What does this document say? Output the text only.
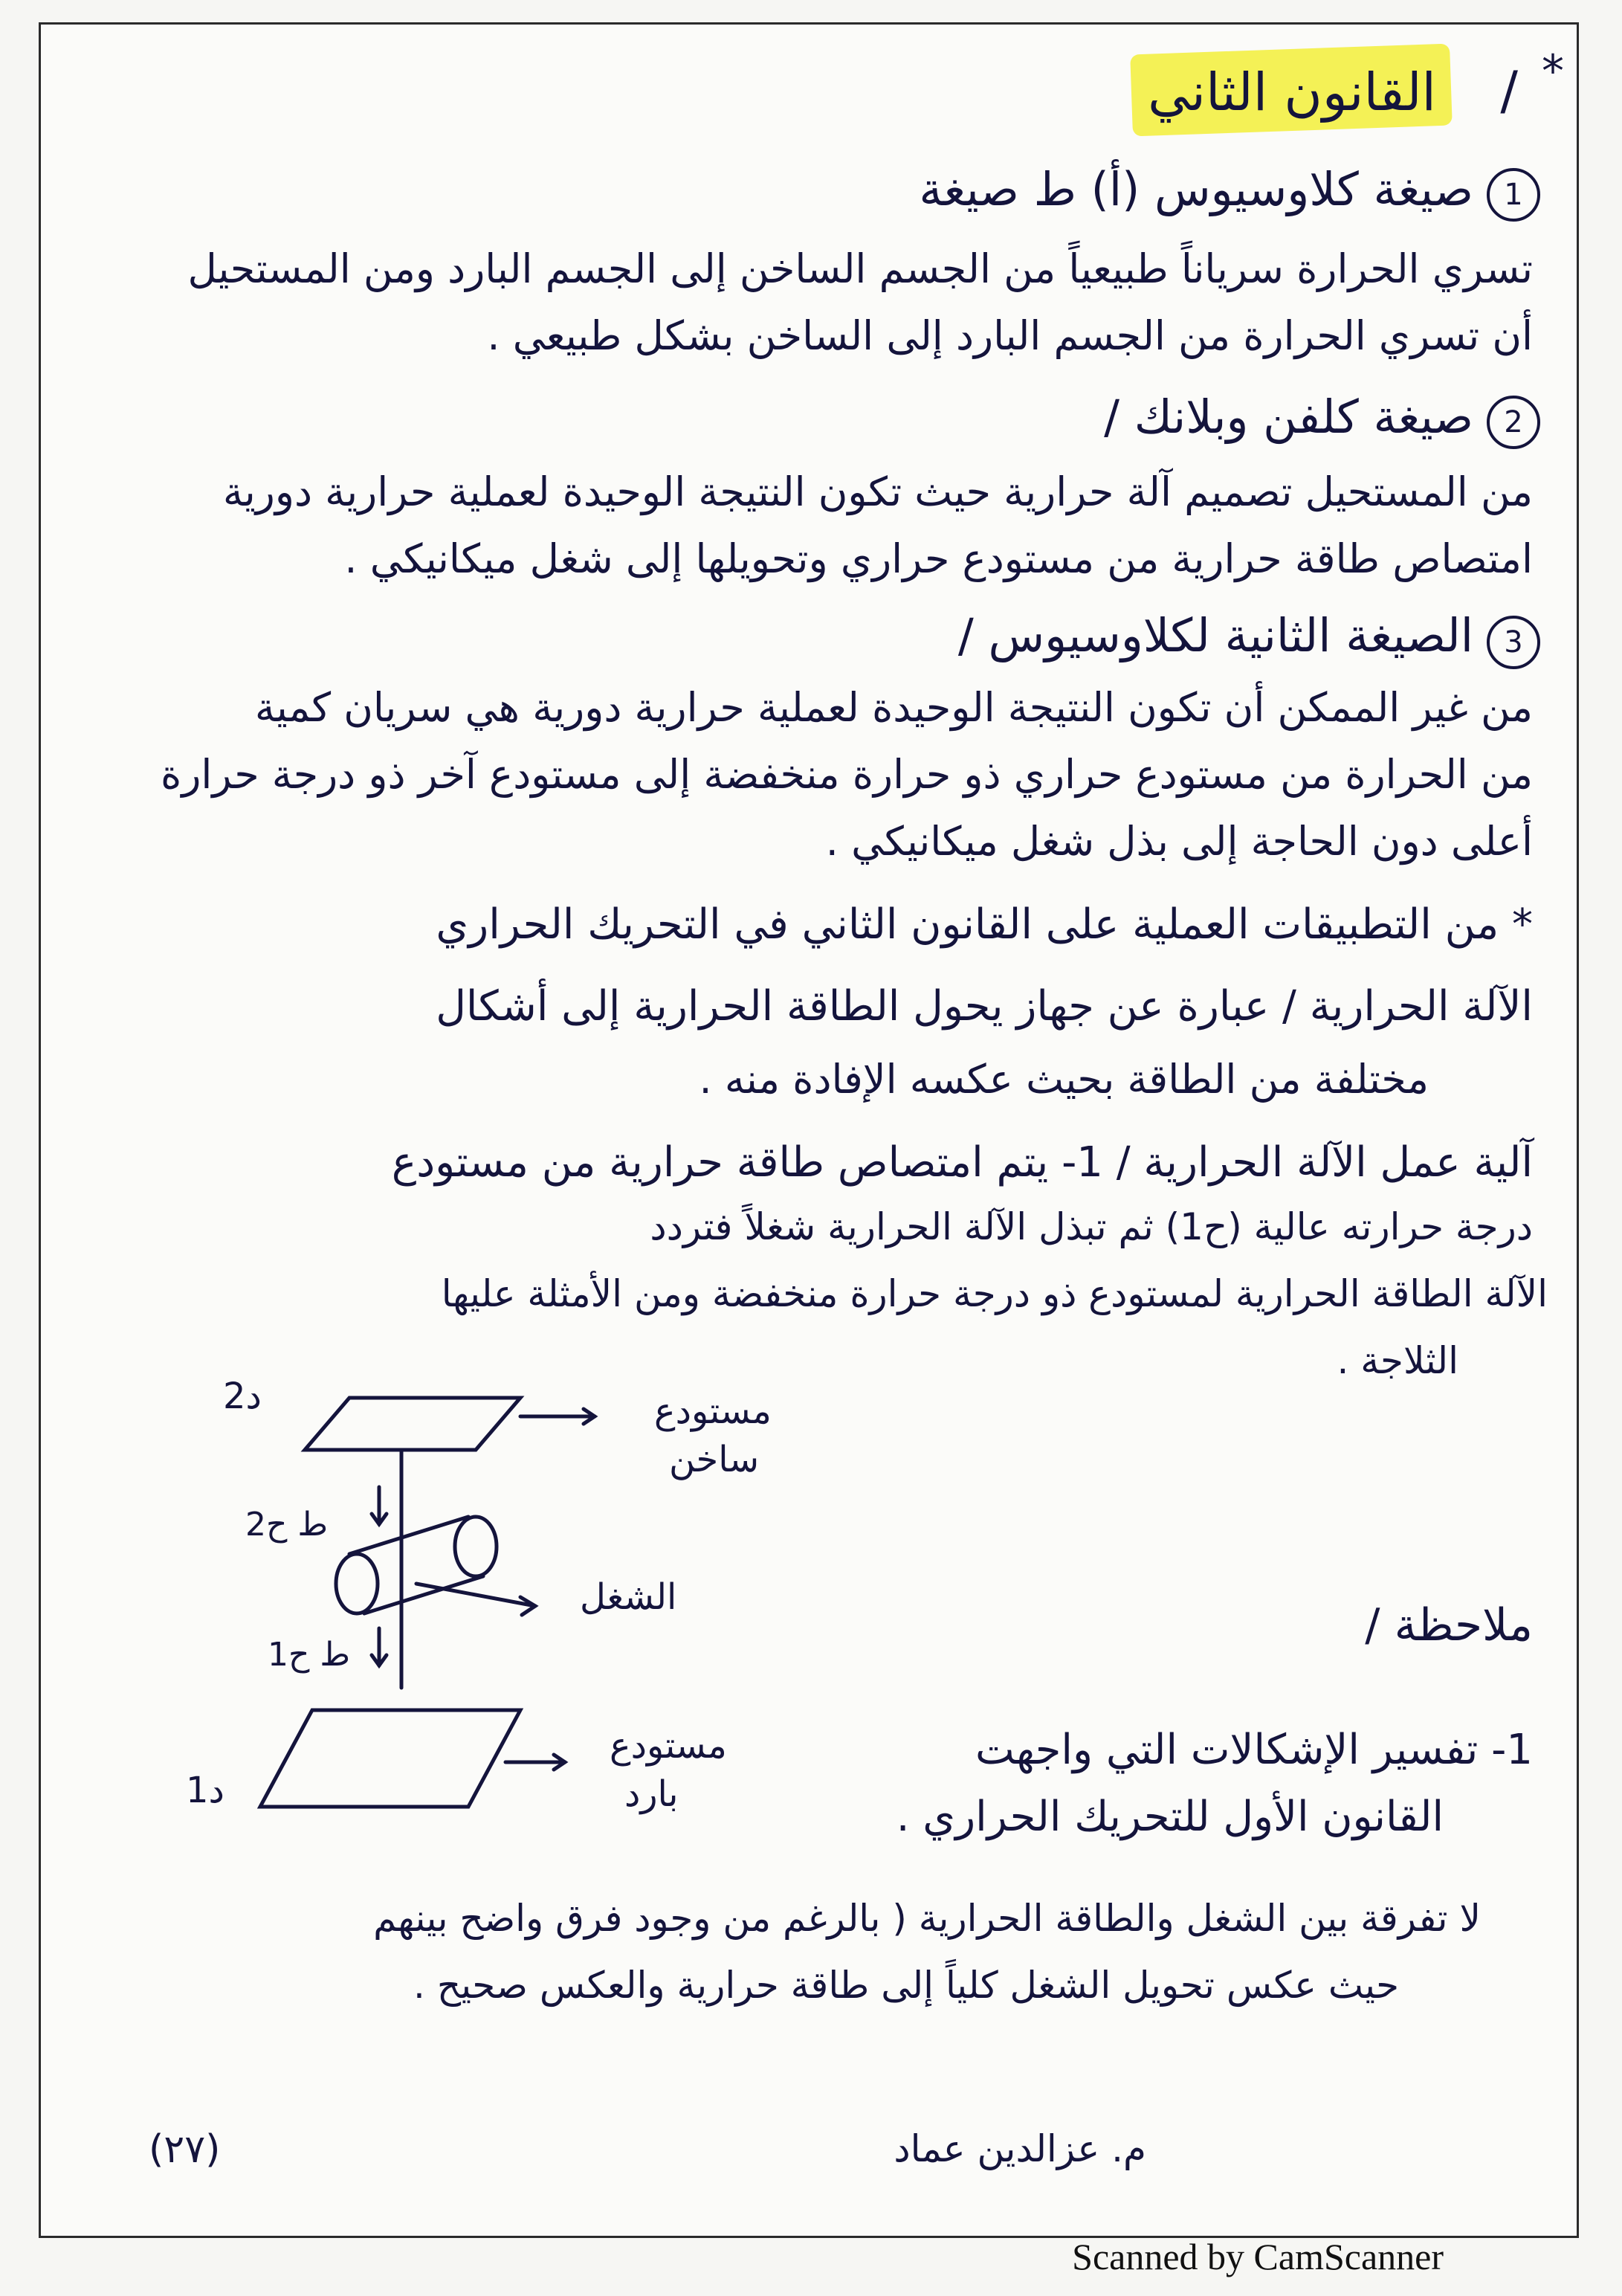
القانون الثاني / *
1
صيغة كلاوسيوس (أ) ط صيغة
تسري الحرارة سرياناً طبيعياً من الجسم الساخن إلى الجسم البارد ومن المستحيل
أن تسري الحرارة من الجسم البارد إلى الساخن بشكل طبيعي .
2
صيغة كلفن وبلانك /
من المستحيل تصميم آلة حرارية حيث تكون النتيجة الوحيدة لعملية حرارية دورية
امتصاص طاقة حرارية من مستودع حراري وتحويلها إلى شغل ميكانيكي .
3
الصيغة الثانية لكلاوسيوس /
من غير الممكن أن تكون النتيجة الوحيدة لعملية حرارية دورية هي سريان كمية
من الحرارة من مستودع حراري ذو حرارة منخفضة إلى مستودع آخر ذو درجة حرارة
أعلى دون الحاجة إلى بذل شغل ميكانيكي .
* من التطبيقات العملية على القانون الثاني في التحريك الحراري
الآلة الحرارية / عبارة عن جهاز يحول الطاقة الحرارية إلى أشكال
مختلفة من الطاقة بحيث عكسه الإفادة منه .
آلية عمل الآلة الحرارية / 1- يتم امتصاص طاقة حرارية من مستودع
درجة حرارته عالية (ح1) ثم تبذل الآلة الحرارية شغلاً فتردد
الآلة الطاقة الحرارية لمستودع ذو درجة حرارة منخفضة ومن الأمثلة عليها
الثلاجة .
د2	مستودع
ساخن
ط ح2
الشغل
ط ح1
د1
مستودع
بارد
ملاحظة /
1- تفسير الإشكالات التي واجهت
القانون الأول للتحريك الحراري .
لا تفرقة بين الشغل والطاقة الحرارية ( بالرغم من وجود فرق واضح بينهم
حيث عكس تحويل الشغل كلياً إلى طاقة حرارية والعكس صحيح .
م. عزالدين عماد
(٢٧)
Scanned by CamScanner
